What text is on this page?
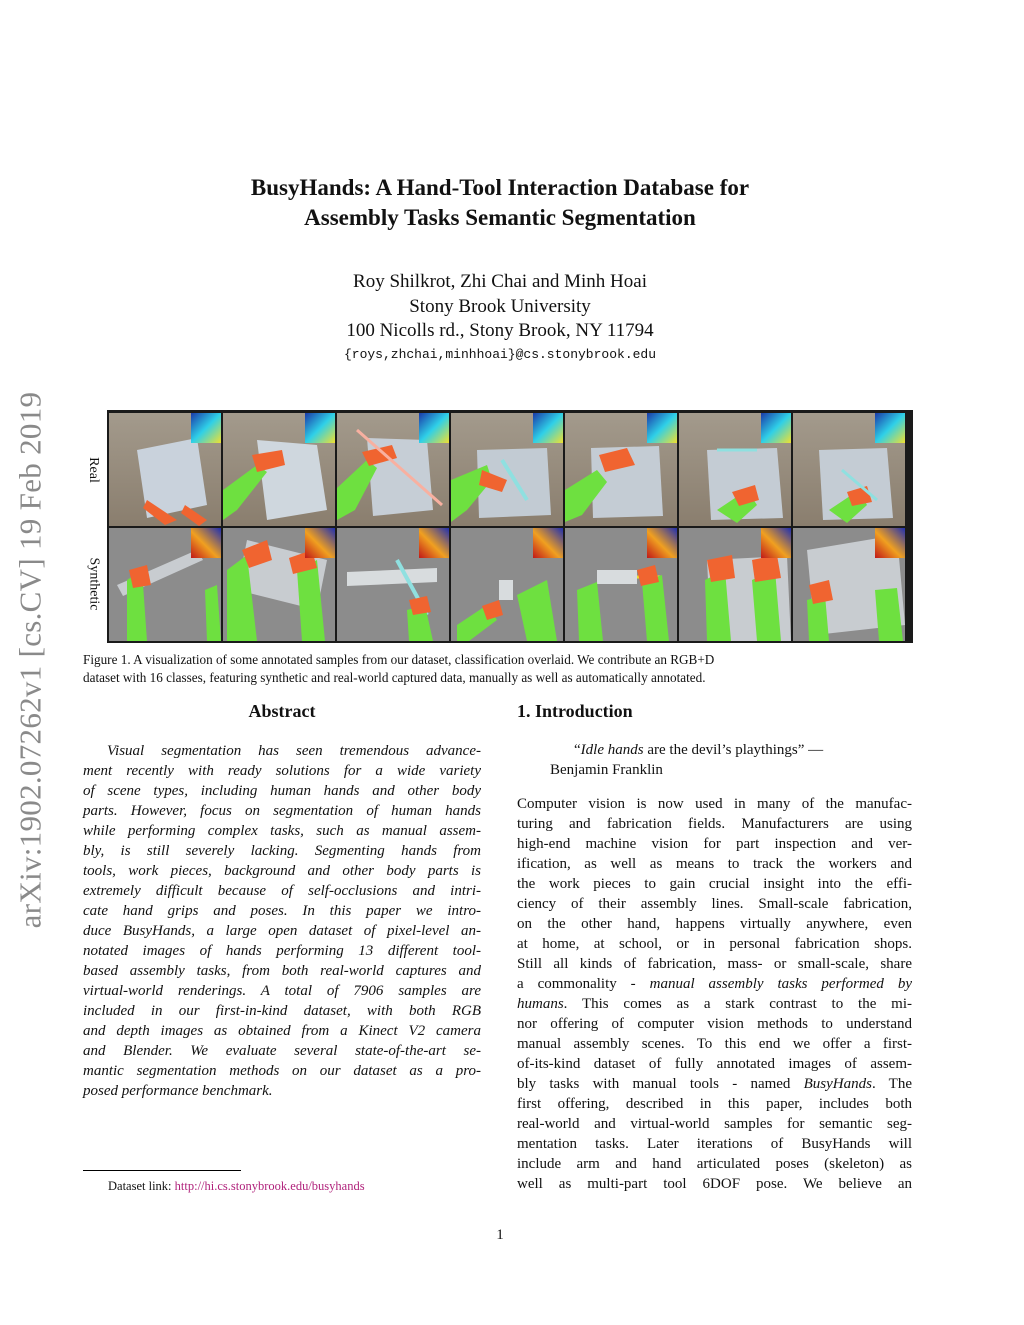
arXiv:1902.07262v1 [cs.CV] 19 Feb 2019
BusyHands: A Hand-Tool Interaction Database for
Assembly Tasks Semantic Segmentation
Roy Shilkrot, Zhi Chai and Minh Hoai
Stony Brook University
100 Nicolls rd., Stony Brook, NY 11794
{roys,zhchai,minhhoai}@cs.stonybrook.edu
Real
Synthetic
Figure 1. A visualization of some annotated samples from our dataset, classification overlaid. We contribute an RGB+D
dataset with 16 classes, featuring synthetic and real-world captured data, manually as well as automatically annotated.
Abstract
Visual segmentation has seen tremendous advance-
ment recently with ready solutions for a wide variety
of scene types, including human hands and other body
parts. However, focus on segmentation of human hands
while performing complex tasks, such as manual assem-
bly, is still severely lacking. Segmenting hands from
tools, work pieces, background and other body parts is
extremely difficult because of self-occlusions and intri-
cate hand grips and poses. In this paper we intro-
duce BusyHands, a large open dataset of pixel-level an-
notated images of hands performing 13 different tool-
based assembly tasks, from both real-world captures and
virtual-world renderings. A total of 7906 samples are
included in our first-in-kind dataset, with both RGB
and depth images as obtained from a Kinect V2 camera
and Blender. We evaluate several state-of-the-art se-
mantic segmentation methods on our dataset as a pro-
posed performance benchmark.
1. Introduction
“Idle hands are the devil’s playthings” —
Benjamin Franklin
Computer vision is now used in many of the manufac-
turing and fabrication fields. Manufacturers are using
high-end machine vision for part inspection and ver-
ification, as well as means to track the workers and
the work pieces to gain crucial insight into the effi-
ciency of their assembly lines. Small-scale fabrication,
on the other hand, happens virtually anywhere, even
at home, at school, or in personal fabrication shops.
Still all kinds of fabrication, mass- or small-scale, share
a commonality - manual assembly tasks performed by
humans. This comes as a stark contrast to the mi-
nor offering of computer vision methods to understand
manual assembly scenes. To this end we offer a first-
of-its-kind dataset of fully annotated images of assem-
bly tasks with manual tools - named BusyHands. The
first offering, described in this paper, includes both
real-world and virtual-world samples for semantic seg-
mentation tasks. Later iterations of BusyHands will
include arm and hand articulated poses (skeleton) as
well as multi-part tool 6DOF pose. We believe an
Dataset link: http://hi.cs.stonybrook.edu/busyhands
1
